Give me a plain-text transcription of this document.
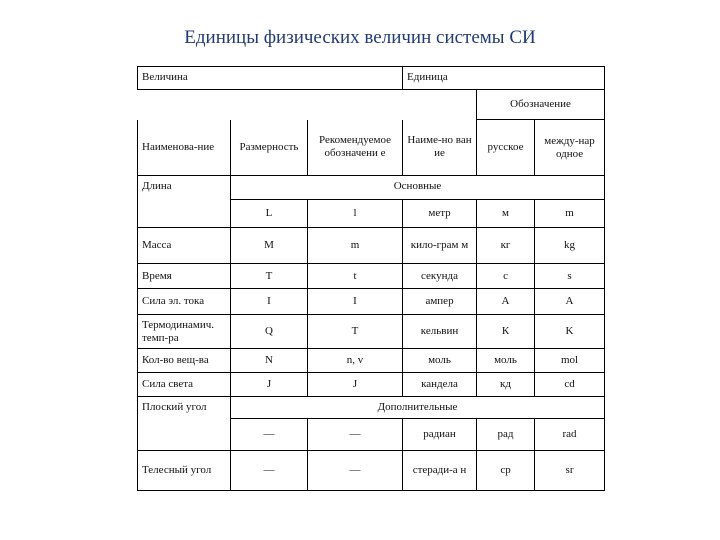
Единицы физических величин системы СИ
Величина			Единица		
				Обозначение	
Наименова-ние	Размерность	Рекомендуемое обозначени е	Наиме-но ван ие	русское	между-нар одное
Длина	Основные				
	L	l	метр	м	m
Масса	M	m	кило-грам м	кг	kg
Время	T	t	секунда	с	s
Сила эл. тока	I	I	ампер	А	A
Термодинамич. темп-ра	Q	T	кельвин	К	K
Кол-во вещ-ва	N	n, v	моль	моль	mol
Сила света	J	J	кандела	кд	cd
Плоский угол	Дополнительные				
	—	—	радиан	рад	rad
Телесный угол	—	—	стеради-а н	ср	sr
